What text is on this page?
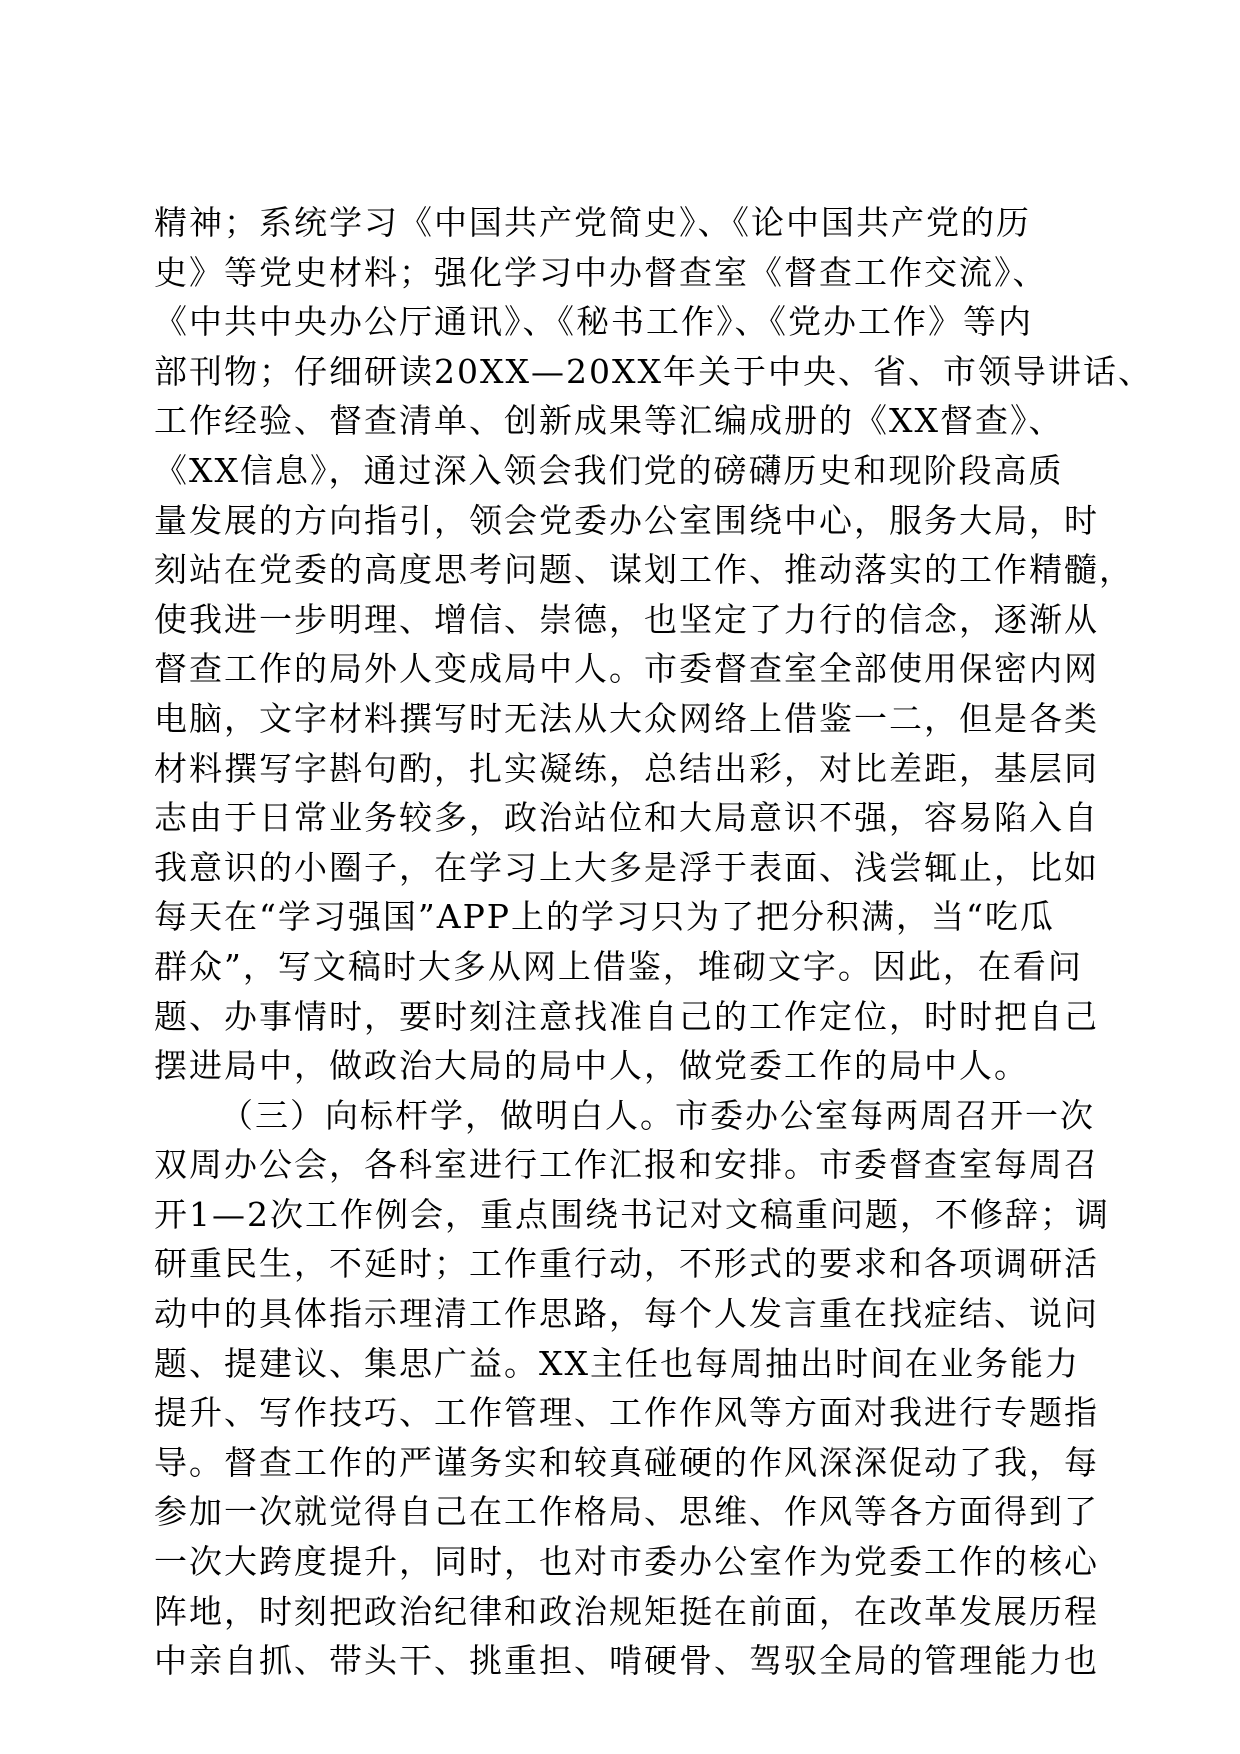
精神；系统学习《中国共产党简史》、《论中国共产党的历
史》等党史材料；强化学习中办督查室《督查工作交流》、
《中共中央办公厅通讯》、《秘书工作》、《党办工作》等内
部刊物；仔细研读20XX—20XX年关于中央、省、市领导讲话、
工作经验、督查清单、创新成果等汇编成册的《XX督查》、
《XX信息》，通过深入领会我们党的磅礴历史和现阶段高质
量发展的方向指引，领会党委办公室围绕中心，服务大局，时
刻站在党委的高度思考问题、谋划工作、推动落实的工作精髓，
使我进一步明理、增信、崇德，也坚定了力行的信念，逐渐从
督查工作的局外人变成局中人。市委督查室全部使用保密内网
电脑，文字材料撰写时无法从大众网络上借鉴一二，但是各类
材料撰写字斟句酌，扎实凝练，总结出彩，对比差距，基层同
志由于日常业务较多，政治站位和大局意识不强，容易陷入自
我意识的小圈子，在学习上大多是浮于表面、浅尝辄止，比如
每天在“学习强国”APP上的学习只为了把分积满，当“吃瓜
群众”，写文稿时大多从网上借鉴，堆砌文字。因此，在看问
题、办事情时，要时刻注意找准自己的工作定位，时时把自己
摆进局中，做政治大局的局中人，做党委工作的局中人。
（三）向标杆学，做明白人。市委办公室每两周召开一次
双周办公会，各科室进行工作汇报和安排。市委督查室每周召
开1—2次工作例会，重点围绕书记对文稿重问题，不修辞；调
研重民生，不延时；工作重行动，不形式的要求和各项调研活
动中的具体指示理清工作思路，每个人发言重在找症结、说问
题、提建议、集思广益。XX主任也每周抽出时间在业务能力
提升、写作技巧、工作管理、工作作风等方面对我进行专题指
导。督查工作的严谨务实和较真碰硬的作风深深促动了我，每
参加一次就觉得自己在工作格局、思维、作风等各方面得到了
一次大跨度提升，同时，也对市委办公室作为党委工作的核心
阵地，时刻把政治纪律和政治规矩挺在前面，在改革发展历程
中亲自抓、带头干、挑重担、啃硬骨、驾驭全局的管理能力也
